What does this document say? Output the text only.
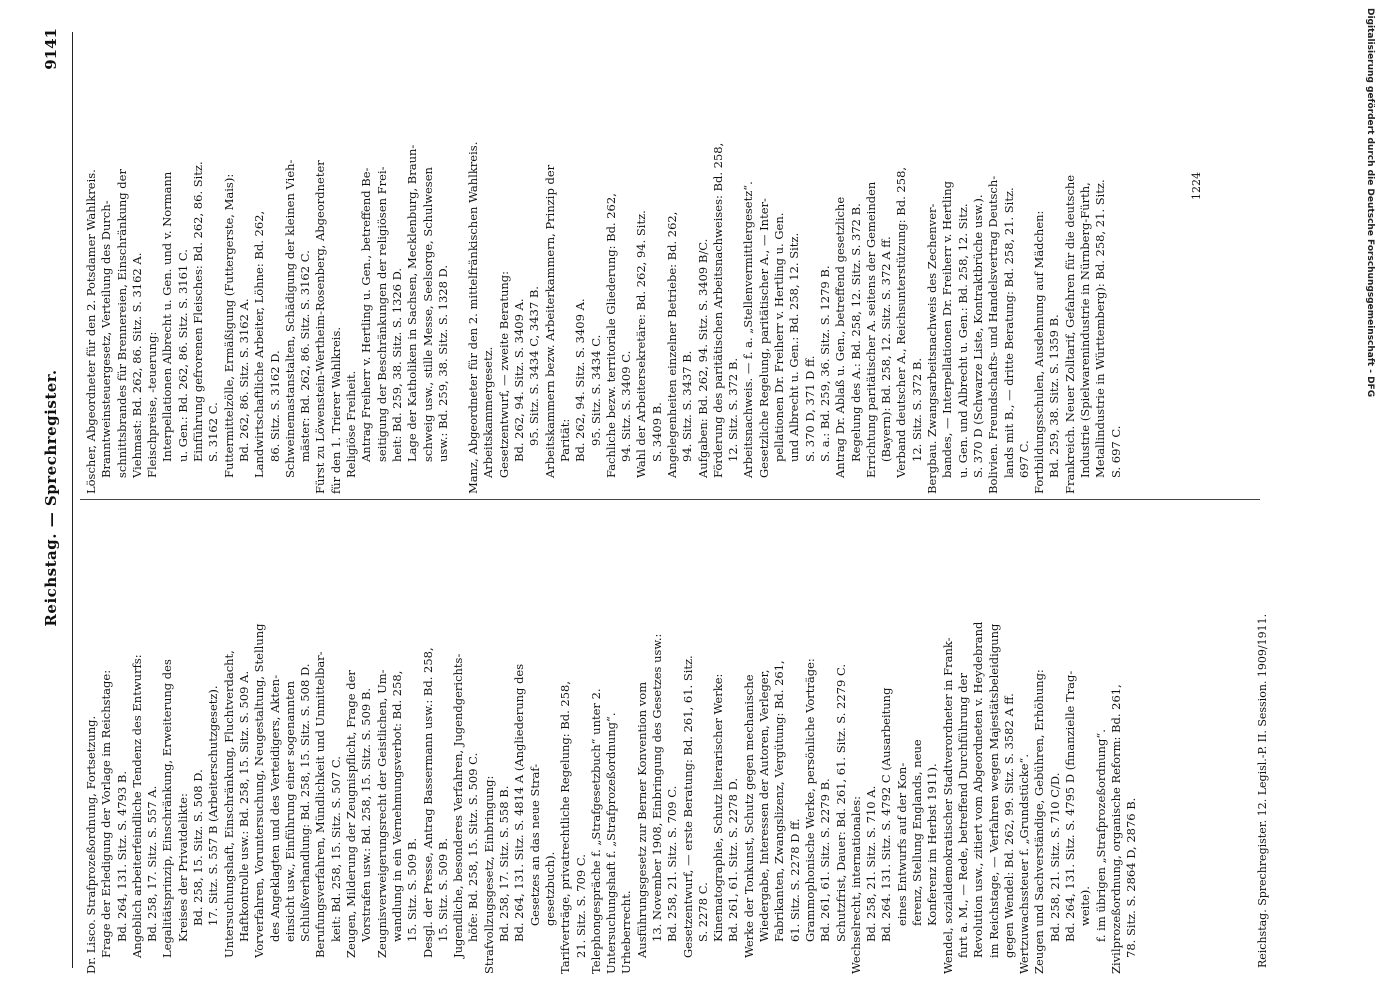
Reichstag. — Sprechregister.
9141
Dr. Lisco. Strafprozeßordnung, Fortsetzung. Frage der Erledigung der Vorlage im Reichstage: Bd. 264, 131. Sitz. S. 4793 B. Angeblich arbeiterfeindliche Tendenz des Entwurfs: Bd. 258, 17. Sitz. S. 557 A. Legalitätsprinzip, Einschränkung, Erweiterung des Kreises der Privatdelikte: Bd. 258, 15. Sitz. S. 508 D. 17. Sitz. S. 557 B (Arbeiterschutzgesetz). Untersuchungshaft, Einschränkung, Fluchtverdacht, Haftkontrolle usw.: Bd. 258, 15. Sitz. S. 509 A. Vorverfahren, Voruntersuchung, Neugestaltung, Stellung des Angeklagten und des Verteidigers, Akten- einsicht usw., Einführung einer sogenannten Schlußverhandlung: Bd. 258, 15. Sitz. S. 508 D. Berufungsverfahren, Mündlichkeit und Unmittelbar- keit: Bd. 258, 15. Sitz. S. 507 C. Zeugen, Milderung der Zeugnispflicht, Frage der Vorstrafen usw.: Bd. 258, 15. Sitz. S. 509 B. Zeugnisverweigerungsrecht der Geistlichen, Um- wandlung in ein Vernehmungsverbot: Bd. 258, 15. Sitz. S. 509 B. Desgl. der Presse, Antrag Bassermann usw.: Bd. 258, 15. Sitz. S. 509 B. Jugendliche, besonderes Verfahren, Jugendgerichts- höfe: Bd. 258, 15. Sitz. S. 509 C. Strafvollzugsgesetz, Einbringung: Bd. 258, 17. Sitz. S. 558 B. Bd. 264, 131. Sitz. S. 4814 A (Angliederung des Gesetzes an das neue Straf- gesetzbuch). Tarifverträge, privatrechtliche Regelung: Bd. 258, 21. Sitz. S. 709 C. Telephongespräche f. „Strafgesetzbuch“ unter 2. Untersuchungshaft f. „Strafprozeßordnung“. Urheberrecht. Ausführungsgesetz zur Berner Konvention vom 13. November 1908, Einbringung des Gesetzes usw.: Bd. 258, 21. Sitz. S. 709 C. Gesetzentwurf, — erste Beratung: Bd. 261, 61. Sitz. S. 2278 C. Kinematographie, Schutz literarischer Werke: Bd. 261, 61. Sitz. S. 2278 D. Werke der Tonkunst, Schutz gegen mechanische Wiedergabe, Interessen der Autoren, Verleger, Fabrikanten, Zwangslizenz, Vergütung: Bd. 261, 61. Sitz. S. 2278 D ff. Grammophonische Werke, persönliche Vorträge: Bd. 261, 61. Sitz. S. 2279 B. Schutzfrist, Dauer: Bd. 261, 61. Sitz. S. 2279 C. Wechselrecht, internationales: Bd. 258, 21. Sitz. S. 710 A. Bd. 264. 131. Sitz. S. 4792 C (Ausarbeitung eines Entwurfs auf der Kon- ferenz, Stellung Englands, neue Konferenz im Herbst 1911). Wendel, sozialdemokratischer Stadtverordneter in Frank- furt a. M., — Rede, betreffend Durchführung der Revolution usw., zitiert vom Abgeordneten v. Heydebrand im Reichstage, — Verfahren wegen Majestätsbeleidigung gegen Wendel: Bd. 262, 99. Sitz. S. 3582 A ff. Wertzuwachssteuer f. „Grundstücke“. Zeugen und Sachverständige, Gebühren, Erhöhung: Bd. 258, 21. Sitz. S. 710 C/D. Bd. 264, 131. Sitz. S. 4795 D (finanzielle Trag- weite). f. im übrigen „Strafprozeßordnung“. Zivilprozeßordnung, organische Reform: Bd. 261, 78. Sitz. S. 2864 D, 2876 B.
Löscher, Abgeordneter für den 2. Potsdamer Wahlkreis. Branntweinsteuergesetz, Verteilung des Durch- schnittsbrandes für Brennereien, Einschränkung der Viehmast: Bd. 262, 86. Sitz. S. 3162 A. Fleischpreise, -teuerung: Interpellationen Albrecht u. Gen. und v. Normann u. Gen.: Bd. 262, 86. Sitz. S. 3161 C. Einführung gefrorenen Fleisches: Bd. 262, 86. Sitz. S. 3162 C. Futtermittelzölle, Ermäßigung (Futtergerste, Mais): Bd. 262, 86. Sitz. S. 3162 A. Landwirtschaftliche Arbeiter, Löhne: Bd. 262, 86. Sitz. S. 3162 D. Schweinemastanstalten, Schädigung der kleinen Vieh- mäster: Bd. 262, 86. Sitz. S. 3162 C. Fürst zu Löwenstein-Wertheim-Rosenberg, Abgeordneter für den 1. Trierer Wahlkreis. Religiöse Freiheit. Antrag Freiherr v. Hertling u. Gen., betreffend Be- seitigung der Beschränkungen der religiösen Frei- heit: Bd. 259, 38. Sitz. S. 1326 D. Lage der Katholiken in Sachsen, Mecklenburg, Braun- schweig usw., stille Messe, Seelsorge, Schulwesen usw.: Bd. 259, 38. Sitz. S. 1328 D. Manz, Abgeordneter für den 2. mittelfränkischen Wahlkreis. Arbeitskammergesetz. Gesetzentwurf, — zweite Beratung: Bd. 262, 94. Sitz. S. 3409 A. 95. Sitz. S. 3434 C, 3437 B. Arbeitskammern bezw. Arbeiterkammern, Prinzip der Parität: Bd. 262, 94. Sitz. S. 3409 A. 95. Sitz. S. 3434 C. Fachliche bezw. territoriale Gliederung: Bd. 262, 94. Sitz. S. 3409 C. Wahl der Arbeitersekretäre: Bd. 262, 94. Sitz. S. 3409 B. Angelegenheiten einzelner Betriebe: Bd. 262, 94. Sitz. S. 3437 B. Aufgaben: Bd. 262, 94. Sitz. S. 3409 B/C. Förderung des paritätischen Arbeitsnachweises: Bd. 258, 12. Sitz. S. 372 B. Arbeitsnachweis. — f. a. „Stellenvermittlergesetz“. Gesetzliche Regelung, paritätischer A., — Inter- pellationen Dr. Freiherr v. Hertling u. Gen. und Albrecht u. Gen.: Bd. 258, 12. Sitz. S. 370 D, 371 D ff. S. a.: Bd. 259, 36. Sitz. S. 1279 B. Antrag Dr. Ablaß u. Gen., betreffend gesetzliche Regelung des A.: Bd. 258, 12. Sitz. S. 372 B. Errichtung paritätischer A. seitens der Gemeinden (Bayern): Bd. 258, 12. Sitz. S. 372 A ff. Verband deutscher A., Reichsunterstützung: Bd. 258, 12. Sitz. S. 372 B. Bergbau. Zwangsarbeitsnachweis des Zechenver- bandes, — Interpellationen Dr. Freiherr v. Hertling u. Gen. und Albrecht u. Gen.: Bd. 258, 12. Sitz. S. 370 D (Schwarze Liste, Kontraktbrüche usw.). Bolivien. Freundschafts- und Handelsvertrag Deutsch- lands mit B., — dritte Beratung: Bd. 258, 21. Sitz. 697 C. Fortbildungsschulen, Ausdehnung auf Mädchen: Bd. 259, 38. Sitz. S. 1359 B. Frankreich. Neuer Zolltarif, Gefahren für die deutsche Industrie (Spielwarenindustrie in Nürnberg-Fürth, Metallindustrie in Württemberg): Bd. 258, 21. Sitz. S. 697 C.
1224
Reichstag. Sprechregister. 12. Legisl.-P. II. Session. 1909/1911.
Digitalisierung gefördert durch die Deutsche Forschungsgemeinschaft - DFG
